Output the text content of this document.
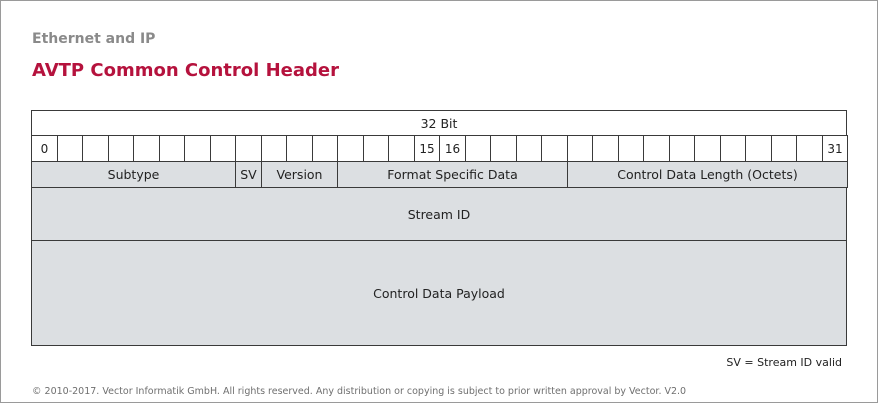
Ethernet and IP
AVTP Common Control Header
32 Bit
0	15 16	31
Subtype	SV	Version	Format Specific Data	Control Data Length (Octets)
Stream ID
Control Data Payload
SV = Stream ID valid
© 2010-2017. Vector Informatik GmbH. All rights reserved. Any distribution or copying is subject to prior written approval by Vector. V2.0
